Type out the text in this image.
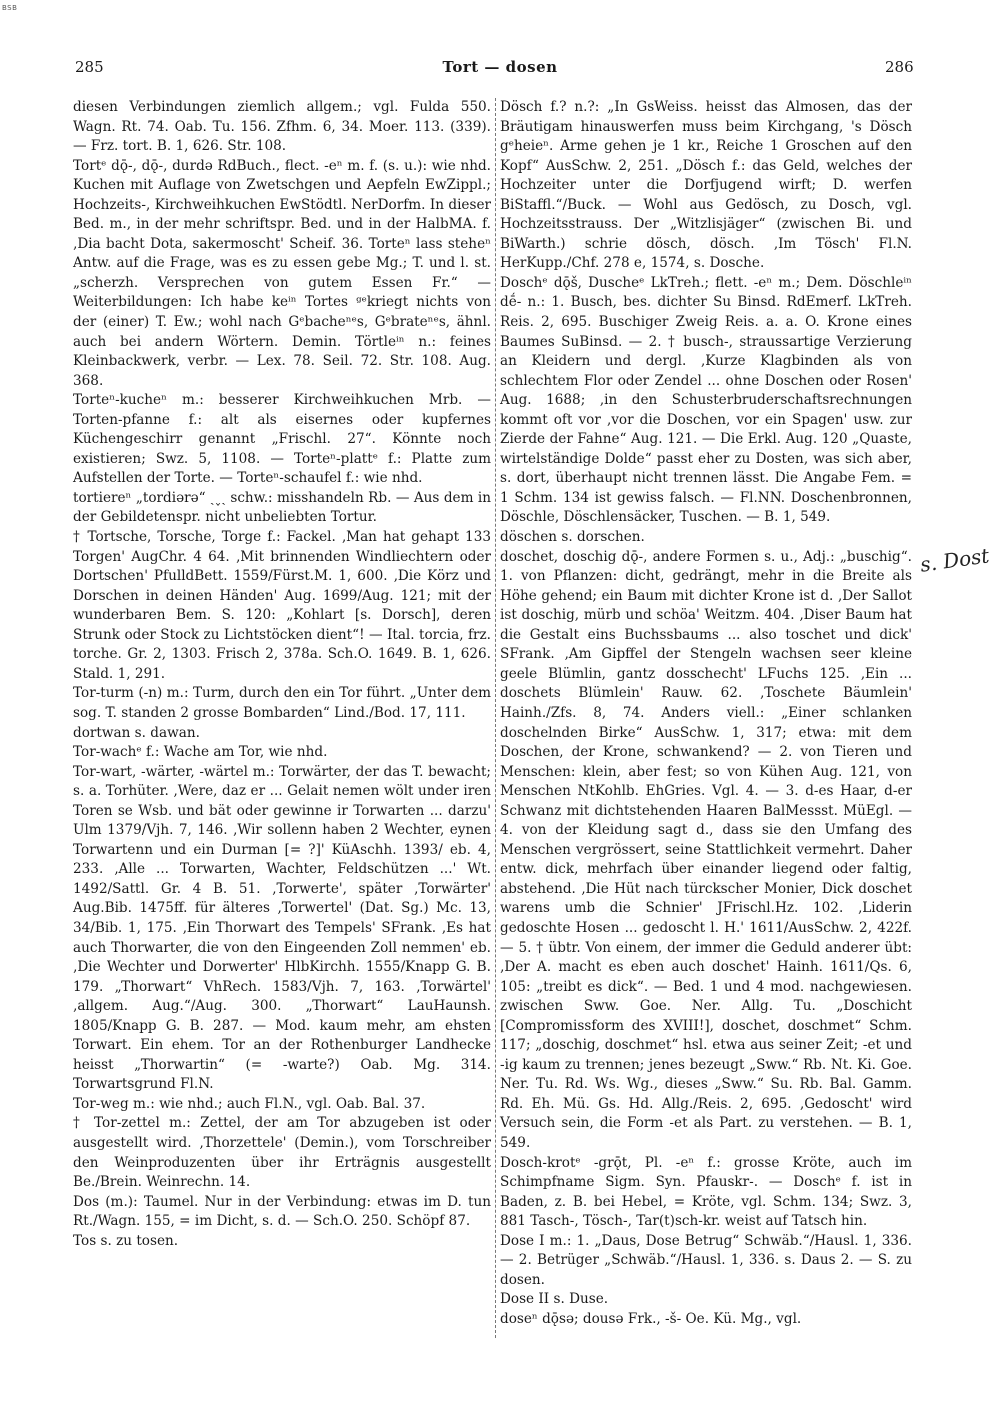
BSB
285	Tort — dosen	286

diesen Verbindungen ziemlich allgem.; vgl. Fulda 550. Wagn. Rt. 74. Oab. Tu. 156. Zfhm. 6, 34. Moer. 113. (339). — Frz. tort. B. 1, 626. Str. 108.

Tortᵉ dǭ-, dǭ-, durdə RdBuch., flect. -eⁿ m. f. (s. u.): wie nhd. Kuchen mit Auflage von Zwetschgen und Aepfeln EwZippl.; Hochzeits-, Kirchweihkuchen EwStödtl. NerDorfm. In dieser Bed. m., in der mehr schriftspr. Bed. und in der HalbMA. f. ‚Dia bacht Dota, sakermoscht' Scheif. 36. Torteⁿ lass steheⁿ Antw. auf die Frage, was es zu essen gebe Mg.; T. und l. st. „scherzh. Versprechen von gutem Essen Fr.“ — Weiterbildungen: Ich habe keⁱⁿ Tortes ᵍᵉkriegt nichts von der (einer) T. Ew.; wohl nach Gᵉbacheⁿᵉs, Gᵉbrateⁿᵉs, ähnl. auch bei andern Wörtern. Demin. Törtleⁱⁿ n.: feines Kleinbackwerk, verbr. — Lex. 78. Seil. 72. Str. 108. Aug. 368.

Torteⁿ-kucheⁿ m.: besserer Kirchweihkuchen Mrb. — Torten-pfanne f.: alt als eisernes oder kupfernes Küchengeschirr genannt „Frischl. 27“. Könnte noch existieren; Swz. 5, 1108. — Torteⁿ-plattᵉ f.: Platte zum Aufstellen der Torte. — Torteⁿ-schaufel f.: wie nhd.

tortiereⁿ „tordiərə“ ˏ˯ˏ schw.: misshandeln Rb. — Aus dem in der Gebildetenspr. nicht unbeliebten Tortur.

† Tortsche, Torsche, Torge f.: Fackel. ‚Man hat gehapt 133 Torgen' AugChr. 4 64. ‚Mit brinnenden Windliechtern oder Dortschen' PfulldBett. 1559/Fürst.M. 1, 600. ‚Die Körz und Dorschen in deinen Händen' Aug. 1699/Aug. 121; mit der wunderbaren Bem. S. 120: „Kohlart [s. Dorsch], deren Strunk oder Stock zu Lichtstöcken dient“! — Ital. torcia, frz. torche. Gr. 2, 1303. Frisch 2, 378a. Sch.O. 1649. B. 1, 626. Stald. 1, 291.

Tor-turm (-n) m.: Turm, durch den ein Tor führt. „Unter dem sog. T. standen 2 grosse Bombarden“ Lind./Bod. 17, 111.

dortwan s. dawan.

Tor-wachᵉ f.: Wache am Tor, wie nhd.

Tor-wart, -wärter, -wärtel m.: Torwärter, der das T. bewacht; s. a. Torhüter. ‚Were, daz er ... Gelait nemen wölt under iren Toren se Wsb. und bät oder gewinne ir Torwarten ... darzu' Ulm 1379/Vjh. 7, 146. ‚Wir sollenn haben 2 Wechter, eynen Torwartenn und ein Durman [= ?]' KüAschh. 1393/ eb. 4, 233. ‚Alle ... Torwarten, Wachter, Feldschützen ...' Wt. 1492/Sattl. Gr. 4 B. 51. ‚Torwerte', später ‚Torwärter' Aug.Bib. 1475ff. für älteres ‚Torwertel' (Dat. Sg.) Mc. 13, 34/Bib. 1, 175. ‚Ein Thorwart des Tempels' SFrank. ‚Es hat auch Thorwarter, die von den Eingeenden Zoll nemmen' eb. ‚Die Wechter und Dorwerter' HlbKirchh. 1555/Knapp G. B. 179. „Thorwart“ VhRech. 1583/Vjh. 7, 163. ‚Torwärtel' ‚allgem. Aug.“/Aug. 300. „Thorwart“ LauHaunsh. 1805/Knapp G. B. 287. — Mod. kaum mehr, am ehsten Torwart. Ein ehem. Tor an der Rothenburger Landhecke heisst „Thorwartin“ (= -warte?) Oab. Mg. 314. Torwartsgrund Fl.N.

Tor-weg m.: wie nhd.; auch Fl.N., vgl. Oab. Bal. 37.

† Tor-zettel m.: Zettel, der am Tor abzugeben ist oder ausgestellt wird. ‚Thorzettele' (Demin.), vom Torschreiber den Weinproduzenten über ihr Erträgnis ausgestellt Be./Brein. Weinrechn. 14.

Dos (m.): Taumel. Nur in der Verbindung: etwas im D. tun Rt./Wagn. 155, = im Dicht, s. d. — Sch.O. 250. Schöpf 87.

Tos s. zu tosen.

Dösch f.? n.?: „In GsWeiss. heisst das Almosen, das der Bräutigam hinauswerfen muss beim Kirchgang, 's Dösch gᵉheieⁿ. Arme gehen je 1 kr., Reiche 1 Groschen auf den Kopf“ AusSchw. 2, 251. „Dösch f.: das Geld, welches der Hochzeiter unter die Dorfjugend wirft; D. werfen BiStaffl.“/Buck. — Wohl aus Gedösch, zu Dosch, vgl. Hochzeitsstrauss. Der „Witzlisjäger“ (zwischen Bi. und BiWarth.) schrie dösch, dösch. ‚Im Tösch' Fl.N. HerKupp./Chf. 278 e, 1574, s. Dosche.

Doschᵉ dǭš, Duscheᵉ LkTreh.; flett. -eⁿ m.; Dem. Döschleⁱⁿ dḗ- n.: 1. Busch, bes. dichter Su Binsd. RdEmerf. LkTreh. Reis. 2, 695. Buschiger Zweig Reis. a. a. O. Krone eines Baumes SuBinsd. — 2. † busch-, straussartige Verzierung an Kleidern und dergl. ‚Kurze Klagbinden als von schlechtem Flor oder Zendel ... ohne Doschen oder Rosen' Aug. 1688; ‚in den Schusterbruderschaftsrechnungen kommt oft vor ‚vor die Doschen, vor ein Spagen' usw. zur Zierde der Fahne“ Aug. 121. — Die Erkl. Aug. 120 „Quaste, wirtelständige Dolde“ passt eher zu Dosten, was sich aber, s. dort, überhaupt nicht trennen lässt. Die Angabe Fem. = 1 Schm. 134 ist gewiss falsch. — Fl.NN. Doschenbronnen, Döschle, Döschlensäcker, Tuschen. — B. 1, 549.

döschen s. dorschen.

doschet, doschig dǭ-, andere Formen s. u., Adj.: „buschig“. 1. von Pflanzen: dicht, gedrängt, mehr in die Breite als Höhe gehend; ein Baum mit dichter Krone ist d. ‚Der Sallot ist doschig, mürb und schöa' Weitzm. 404. ‚Diser Baum hat die Gestalt eins Buchssbaums ... also toschet und dick' SFrank. ‚Am Gipffel der Stengeln wachsen seer kleine geele Blümlin, gantz dosschecht' LFuchs 125. ‚Ein ... doschets Blümlein' Rauw. 62. ‚Toschete Bäumlein' Hainh./Zfs. 8, 74. Anders viell.: „Einer schlanken doschelnden Birke“ AusSchw. 1, 317; etwa: mit dem Doschen, der Krone, schwankend? — 2. von Tieren und Menschen: klein, aber fest; so von Kühen Aug. 121, von Menschen NtKohlb. EhGries. Vgl. 4. — 3. d-es Haar, d-er Schwanz mit dichtstehenden Haaren BalMessst. MüEgl. — 4. von der Kleidung sagt d., dass sie den Umfang des Menschen vergrössert, seine Stattlichkeit vermehrt. Daher entw. dick, mehrfach über einander liegend oder faltig, abstehend. ‚Die Hüt nach türckscher Monier, Dick doschet warens umb die Schnier' JFrischl.Hz. 102. ‚Liderin gedoschte Hosen ... gedoscht l. H.' 1611/AusSchw. 2, 422f. — 5. † übtr. Von einem, der immer die Geduld anderer übt: ‚Der A. macht es eben auch doschet' Hainh. 1611/Qs. 6, 105: „treibt es dick“. — Bed. 1 und 4 mod. nachgewiesen. zwischen Sww. Goe. Ner. Allg. Tu. „Doschicht [Compromissform des XVIII!], doschet, doschmet“ Schm. 117; „doschig, doschmet“ hsl. etwa aus seiner Zeit; -et und -ig kaum zu trennen; jenes bezeugt „Sww.“ Rb. Nt. Ki. Goe. Ner. Tu. Rd. Ws. Wg., dieses „Sww.“ Su. Rb. Bal. Gamm. Rd. Eh. Mü. Gs. Hd. Allg./Reis. 2, 695. ‚Gedoscht' wird Versuch sein, die Form -et als Part. zu verstehen. — B. 1, 549.

Dosch-krotᵉ -grǭt, Pl. -eⁿ f.: grosse Kröte, auch im Schimpfname Sigm. Syn. Pfauskr-. — Doschᵉ f. ist in Baden, z. B. bei Hebel, = Kröte, vgl. Schm. 134; Swz. 3, 881 Tasch-, Tösch-, Tar(t)sch-kr. weist auf Tatsch hin.

Dose I m.: 1. „Daus, Dose Betrug“ Schwäb.“/Hausl. 1, 336. — 2. Betrüger „Schwäb.“/Hausl. 1, 336. s. Daus 2. — S. zu dosen.

Dose II s. Duse.

doseⁿ dǭsə; dousə Frk., -š- Oe. Kü. Mg., vgl.

s. Dost
